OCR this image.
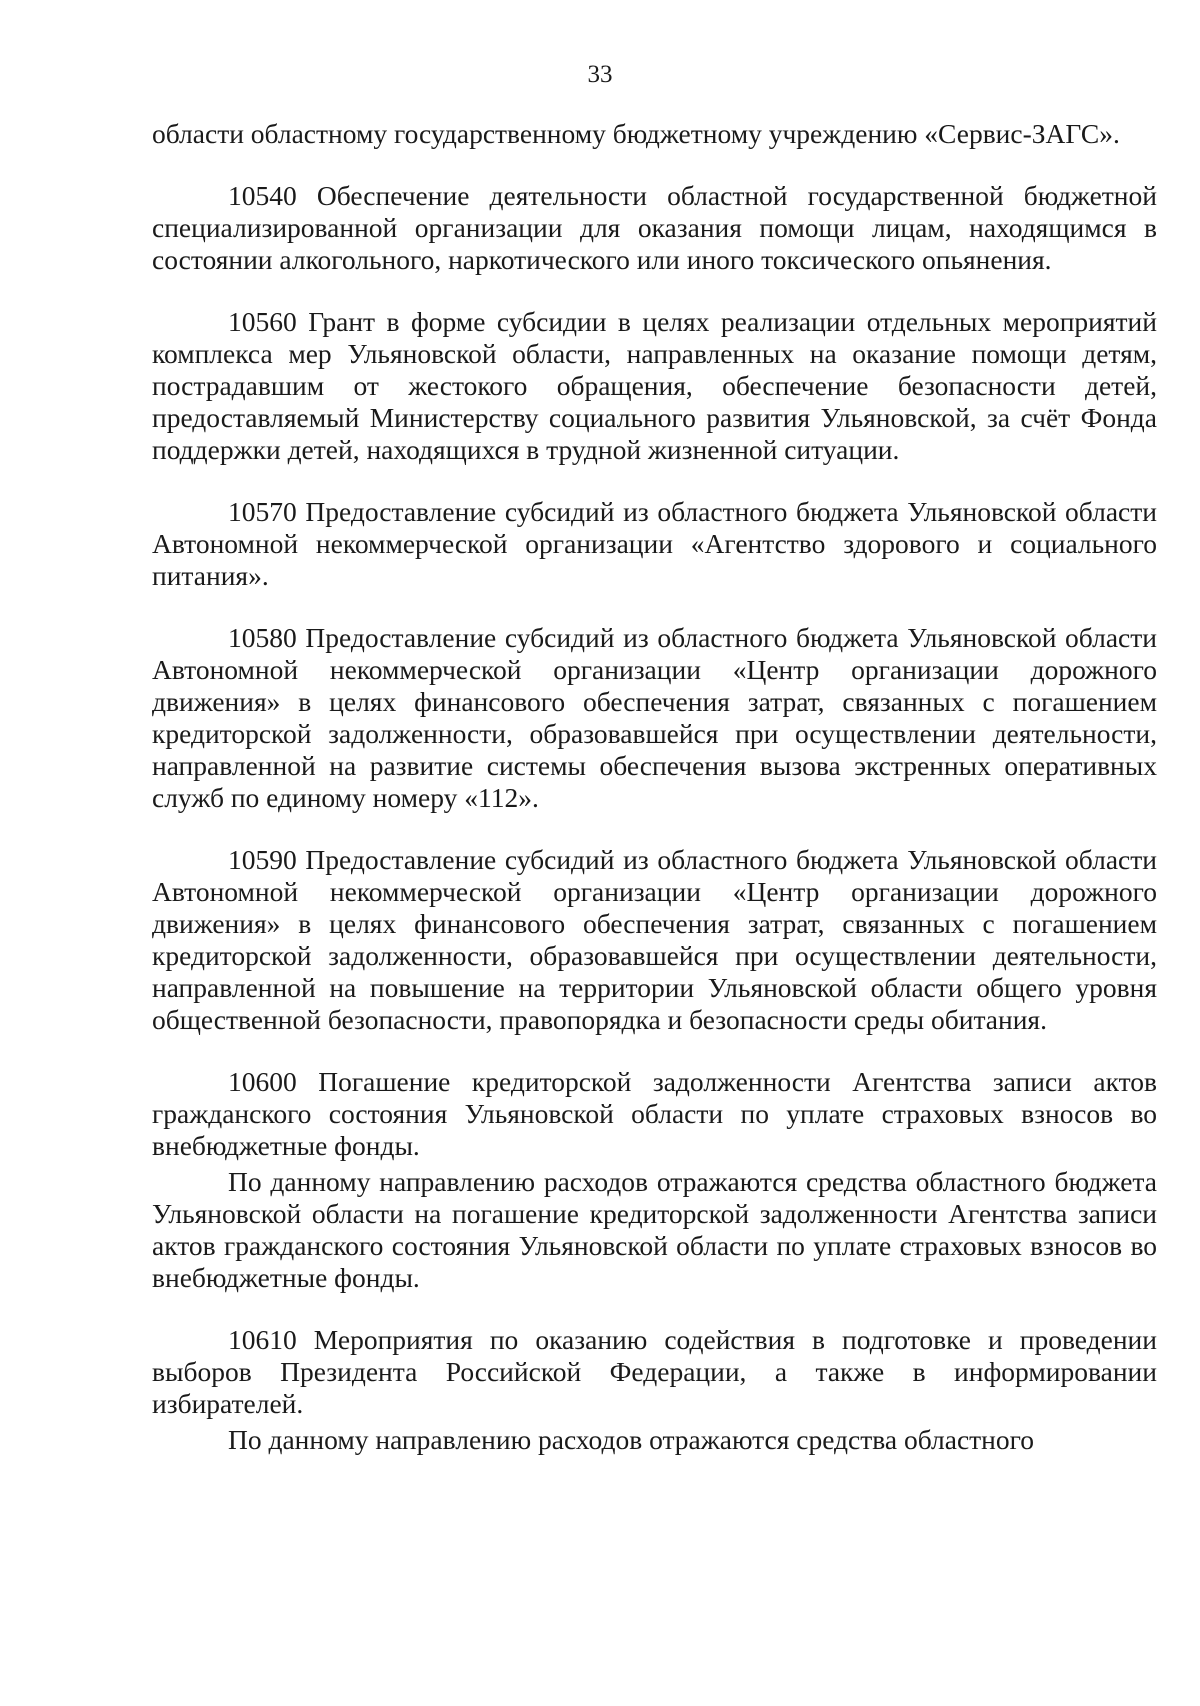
33

области областному государственному бюджетному учреждению «Сервис-ЗАГС».

10540 Обеспечение деятельности областной государственной бюджетной специализированной организации для оказания помощи лицам, находящимся в состоянии алкогольного, наркотического или иного токсического опьянения.

10560 Грант в форме субсидии в целях реализации отдельных мероприятий комплекса мер Ульяновской области, направленных на оказание помощи детям, пострадавшим от жестокого обращения, обеспечение безопасности детей, предоставляемый Министерству социального развития Ульяновской, за счёт Фонда поддержки детей, находящихся в трудной жизненной ситуации.

10570 Предоставление субсидий из областного бюджета Ульяновской области Автономной некоммерческой организации «Агентство здорового и социального питания».

10580 Предоставление субсидий из областного бюджета Ульяновской области Автономной некоммерческой организации «Центр организации дорожного движения» в целях финансового обеспечения затрат, связанных с погашением кредиторской задолженности, образовавшейся при осуществлении деятельности, направленной на развитие системы обеспечения вызова экстренных оперативных служб по единому номеру «112».

10590 Предоставление субсидий из областного бюджета Ульяновской области Автономной некоммерческой организации «Центр организации дорожного движения» в целях финансового обеспечения затрат, связанных с погашением кредиторской задолженности, образовавшейся при осуществлении деятельности, направленной на повышение на территории Ульяновской области общего уровня общественной безопасности, правопорядка и безопасности среды обитания.

10600 Погашение кредиторской задолженности Агентства записи актов гражданского состояния Ульяновской области по уплате страховых взносов во внебюджетные фонды.

По данному направлению расходов отражаются средства областного бюджета Ульяновской области на погашение кредиторской задолженности Агентства записи актов гражданского состояния Ульяновской области по уплате страховых взносов во внебюджетные фонды.

10610 Мероприятия по оказанию содействия в подготовке и проведении выборов Президента Российской Федерации, а также в информировании избирателей.

По данному направлению расходов отражаются средства областного
